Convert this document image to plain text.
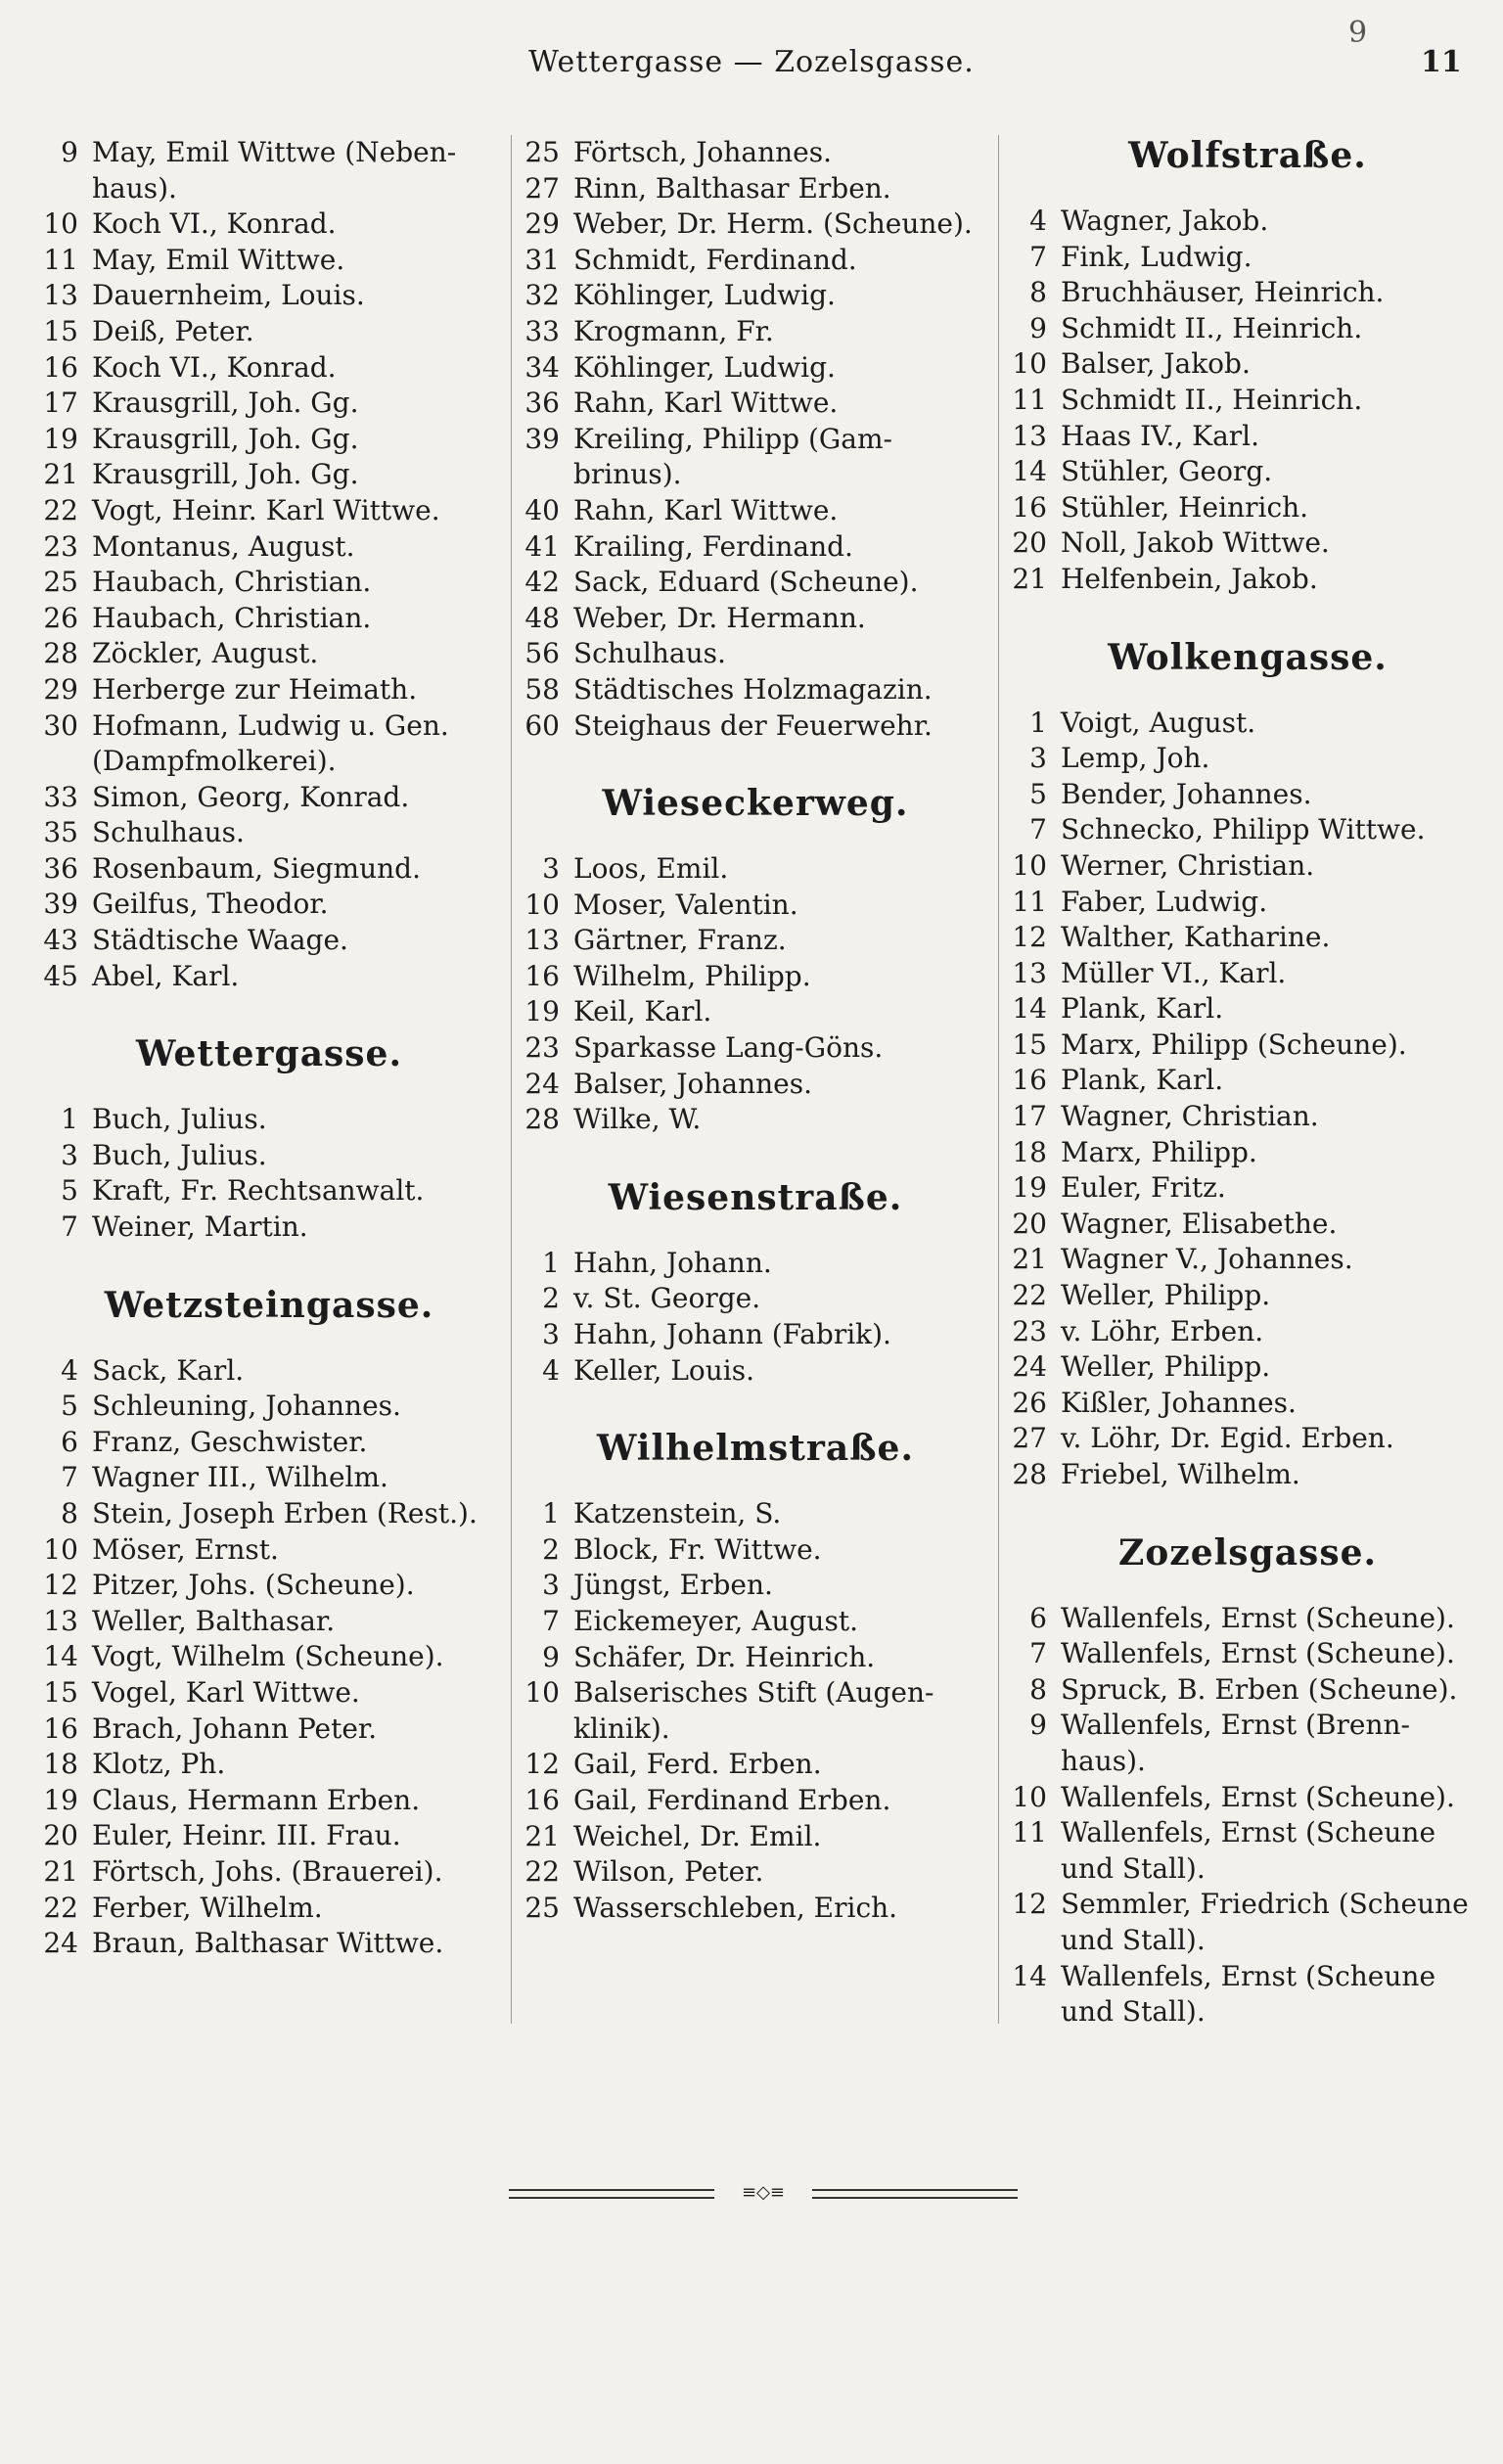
9
Wettergasse — Zozelsgasse.	11
9 May, Emil Wittwe (Neben-haus).
10 Koch VI., Konrad.
11 May, Emil Wittwe.
13 Dauernheim, Louis.
15 Deiß, Peter.
16 Koch VI., Konrad.
17 Krausgrill, Joh. Gg.
19 Krausgrill, Joh. Gg.
21 Krausgrill, Joh. Gg.
22 Vogt, Heinr. Karl Wittwe.
23 Montanus, August.
25 Haubach, Christian.
26 Haubach, Christian.
28 Zöckler, August.
29 Herberge zur Heimath.
30 Hofmann, Ludwig u. Gen. (Dampfmolkerei).
33 Simon, Georg, Konrad.
35 Schulhaus.
36 Rosenbaum, Siegmund.
39 Geilfus, Theodor.
43 Städtische Waage.
45 Abel, Karl.
Wettergasse.
1 Buch, Julius.
3 Buch, Julius.
5 Kraft, Fr. Rechtsanwalt.
7 Weiner, Martin.
Wetzsteingasse.
4 Sack, Karl.
5 Schleuning, Johannes.
6 Franz, Geschwister.
7 Wagner III., Wilhelm.
8 Stein, Joseph Erben (Rest.).
10 Möser, Ernst.
12 Pitzer, Johs. (Scheune).
13 Weller, Balthasar.
14 Vogt, Wilhelm (Scheune).
15 Vogel, Karl Wittwe.
16 Brach, Johann Peter.
18 Klotz, Ph.
19 Claus, Hermann Erben.
20 Euler, Heinr. III. Frau.
21 Förtsch, Johs. (Brauerei).
22 Ferber, Wilhelm.
24 Braun, Balthasar Wittwe.
25 Förtsch, Johannes.
27 Rinn, Balthasar Erben.
29 Weber, Dr. Herm. (Scheune).
31 Schmidt, Ferdinand.
32 Köhlinger, Ludwig.
33 Krogmann, Fr.
34 Köhlinger, Ludwig.
36 Rahn, Karl Wittwe.
39 Kreiling, Philipp (Gam-brinus).
40 Rahn, Karl Wittwe.
41 Krailing, Ferdinand.
42 Sack, Eduard (Scheune).
48 Weber, Dr. Hermann.
56 Schulhaus.
58 Städtisches Holzmagazin.
60 Steighaus der Feuerwehr.
Wieseckerweg.
3 Loos, Emil.
10 Moser, Valentin.
13 Gärtner, Franz.
16 Wilhelm, Philipp.
19 Keil, Karl.
23 Sparkasse Lang-Göns.
24 Balser, Johannes.
28 Wilke, W.
Wiesenstraße.
1 Hahn, Johann.
2 v. St. George.
3 Hahn, Johann (Fabrik).
4 Keller, Louis.
Wilhelmstraße.
1 Katzenstein, S.
2 Block, Fr. Wittwe.
3 Jüngst, Erben.
7 Eickemeyer, August.
9 Schäfer, Dr. Heinrich.
10 Balserisches Stift (Augen-klinik).
12 Gail, Ferd. Erben.
16 Gail, Ferdinand Erben.
21 Weichel, Dr. Emil.
22 Wilson, Peter.
25 Wasserschleben, Erich.
Wolfstraße.
4 Wagner, Jakob.
7 Fink, Ludwig.
8 Bruchhäuser, Heinrich.
9 Schmidt II., Heinrich.
10 Balser, Jakob.
11 Schmidt II., Heinrich.
13 Haas IV., Karl.
14 Stühler, Georg.
16 Stühler, Heinrich.
20 Noll, Jakob Wittwe.
21 Helfenbein, Jakob.
Wolkengasse.
1 Voigt, August.
3 Lemp, Joh.
5 Bender, Johannes.
7 Schnecko, Philipp Wittwe.
10 Werner, Christian.
11 Faber, Ludwig.
12 Walther, Katharine.
13 Müller VI., Karl.
14 Plank, Karl.
15 Marx, Philipp (Scheune).
16 Plank, Karl.
17 Wagner, Christian.
18 Marx, Philipp.
19 Euler, Fritz.
20 Wagner, Elisabethe.
21 Wagner V., Johannes.
22 Weller, Philipp.
23 v. Löhr, Erben.
24 Weller, Philipp.
26 Kißler, Johannes.
27 v. Löhr, Dr. Egid. Erben.
28 Friebel, Wilhelm.
Zozelsgasse.
6 Wallenfels, Ernst (Scheune).
7 Wallenfels, Ernst (Scheune).
8 Spruck, B. Erben (Scheune).
9 Wallenfels, Ernst (Brenn-haus).
10 Wallenfels, Ernst (Scheune).
11 Wallenfels, Ernst (Scheune und Stall).
12 Semmler, Friedrich (Scheune und Stall).
14 Wallenfels, Ernst (Scheune und Stall).
≡◇≡
